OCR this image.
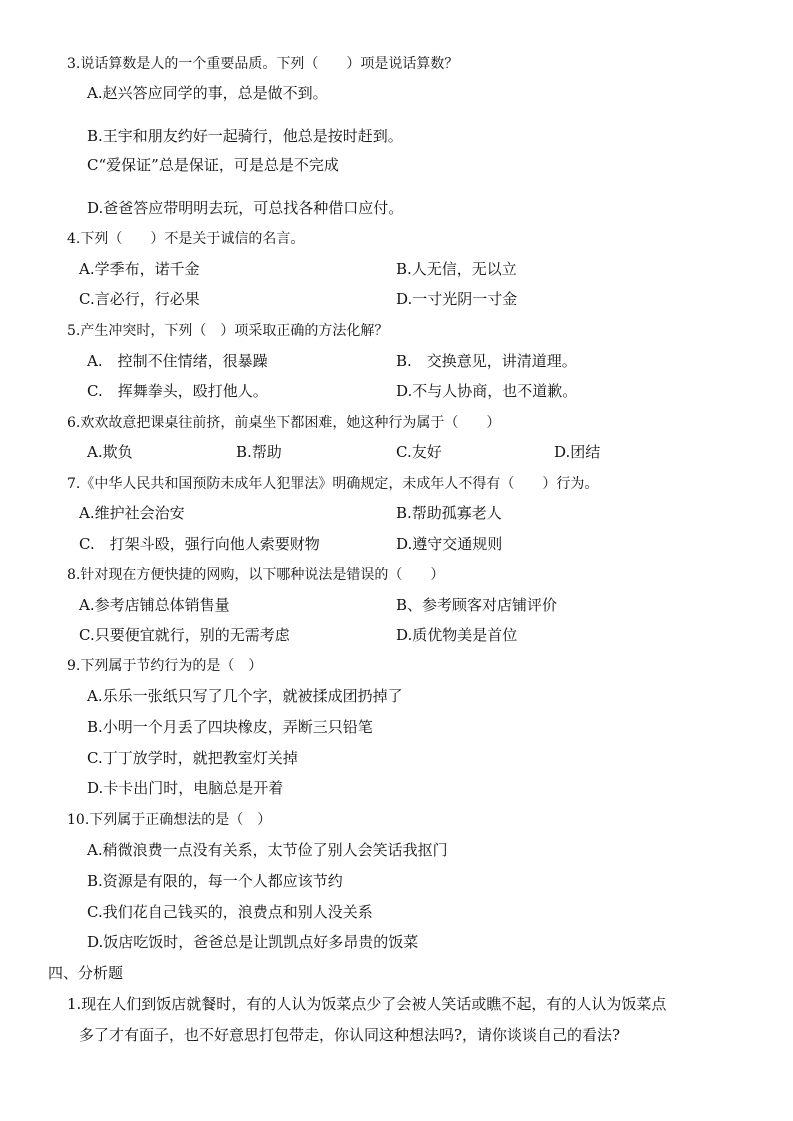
3.说话算数是人的一个重要品质。下列（　　）项是说话算数？
A.赵兴答应同学的事，总是做不到。
B.王宇和朋友约好一起骑行，他总是按时赶到。
C“爱保证”总是保证，可是总是不完成
D.爸爸答应带明明去玩，可总找各种借口应付。
4.下列（　　）不是关于诚信的名言。
A.学季布，诺千金	B.人无信，无以立
C.言必行，行必果	D.一寸光阴一寸金
5.产生冲突时，下列（　）项采取正确的方法化解？
A.　控制不住情绪，很暴躁	B.　交换意见，讲清道理。
C.　挥舞拳头，殴打他人。	D.不与人协商，也不道歉。
6.欢欢故意把课桌往前挤，前桌坐下都困难，她这种行为属于（　　）
A.欺负	B.帮助	C.友好	D.团结
7.《中华人民共和国预防未成年人犯罪法》明确规定，未成年人不得有（　　）行为。
A.维护社会治安	B.帮助孤寡老人
C.　打架斗殴，强行向他人索要财物	D.遵守交通规则
8.针对现在方便快捷的网购，以下哪种说法是错误的（　　）
A.参考店铺总体销售量	B、参考顾客对店铺评价
C.只要便宜就行，别的无需考虑	D.质优物美是首位
9.下列属于节约行为的是（　）
A.乐乐一张纸只写了几个字，就被揉成团扔掉了
B.小明一个月丢了四块橡皮，弄断三只铅笔
C.丁丁放学时，就把教室灯关掉
D.卡卡出门时，电脑总是开着
10.下列属于正确想法的是（　）
A.稍微浪费一点没有关系，太节俭了别人会笑话我抠门
B.资源是有限的，每一个人都应该节约
C.我们花自己钱买的，浪费点和别人没关系
D.饭店吃饭时，爸爸总是让凯凯点好多昂贵的饭菜
四、分析题
1.现在人们到饭店就餐时，有的人认为饭菜点少了会被人笑话或瞧不起，有的人认为饭菜点
多了才有面子，也不好意思打包带走，你认同这种想法吗?，请你谈谈自己的看法?
